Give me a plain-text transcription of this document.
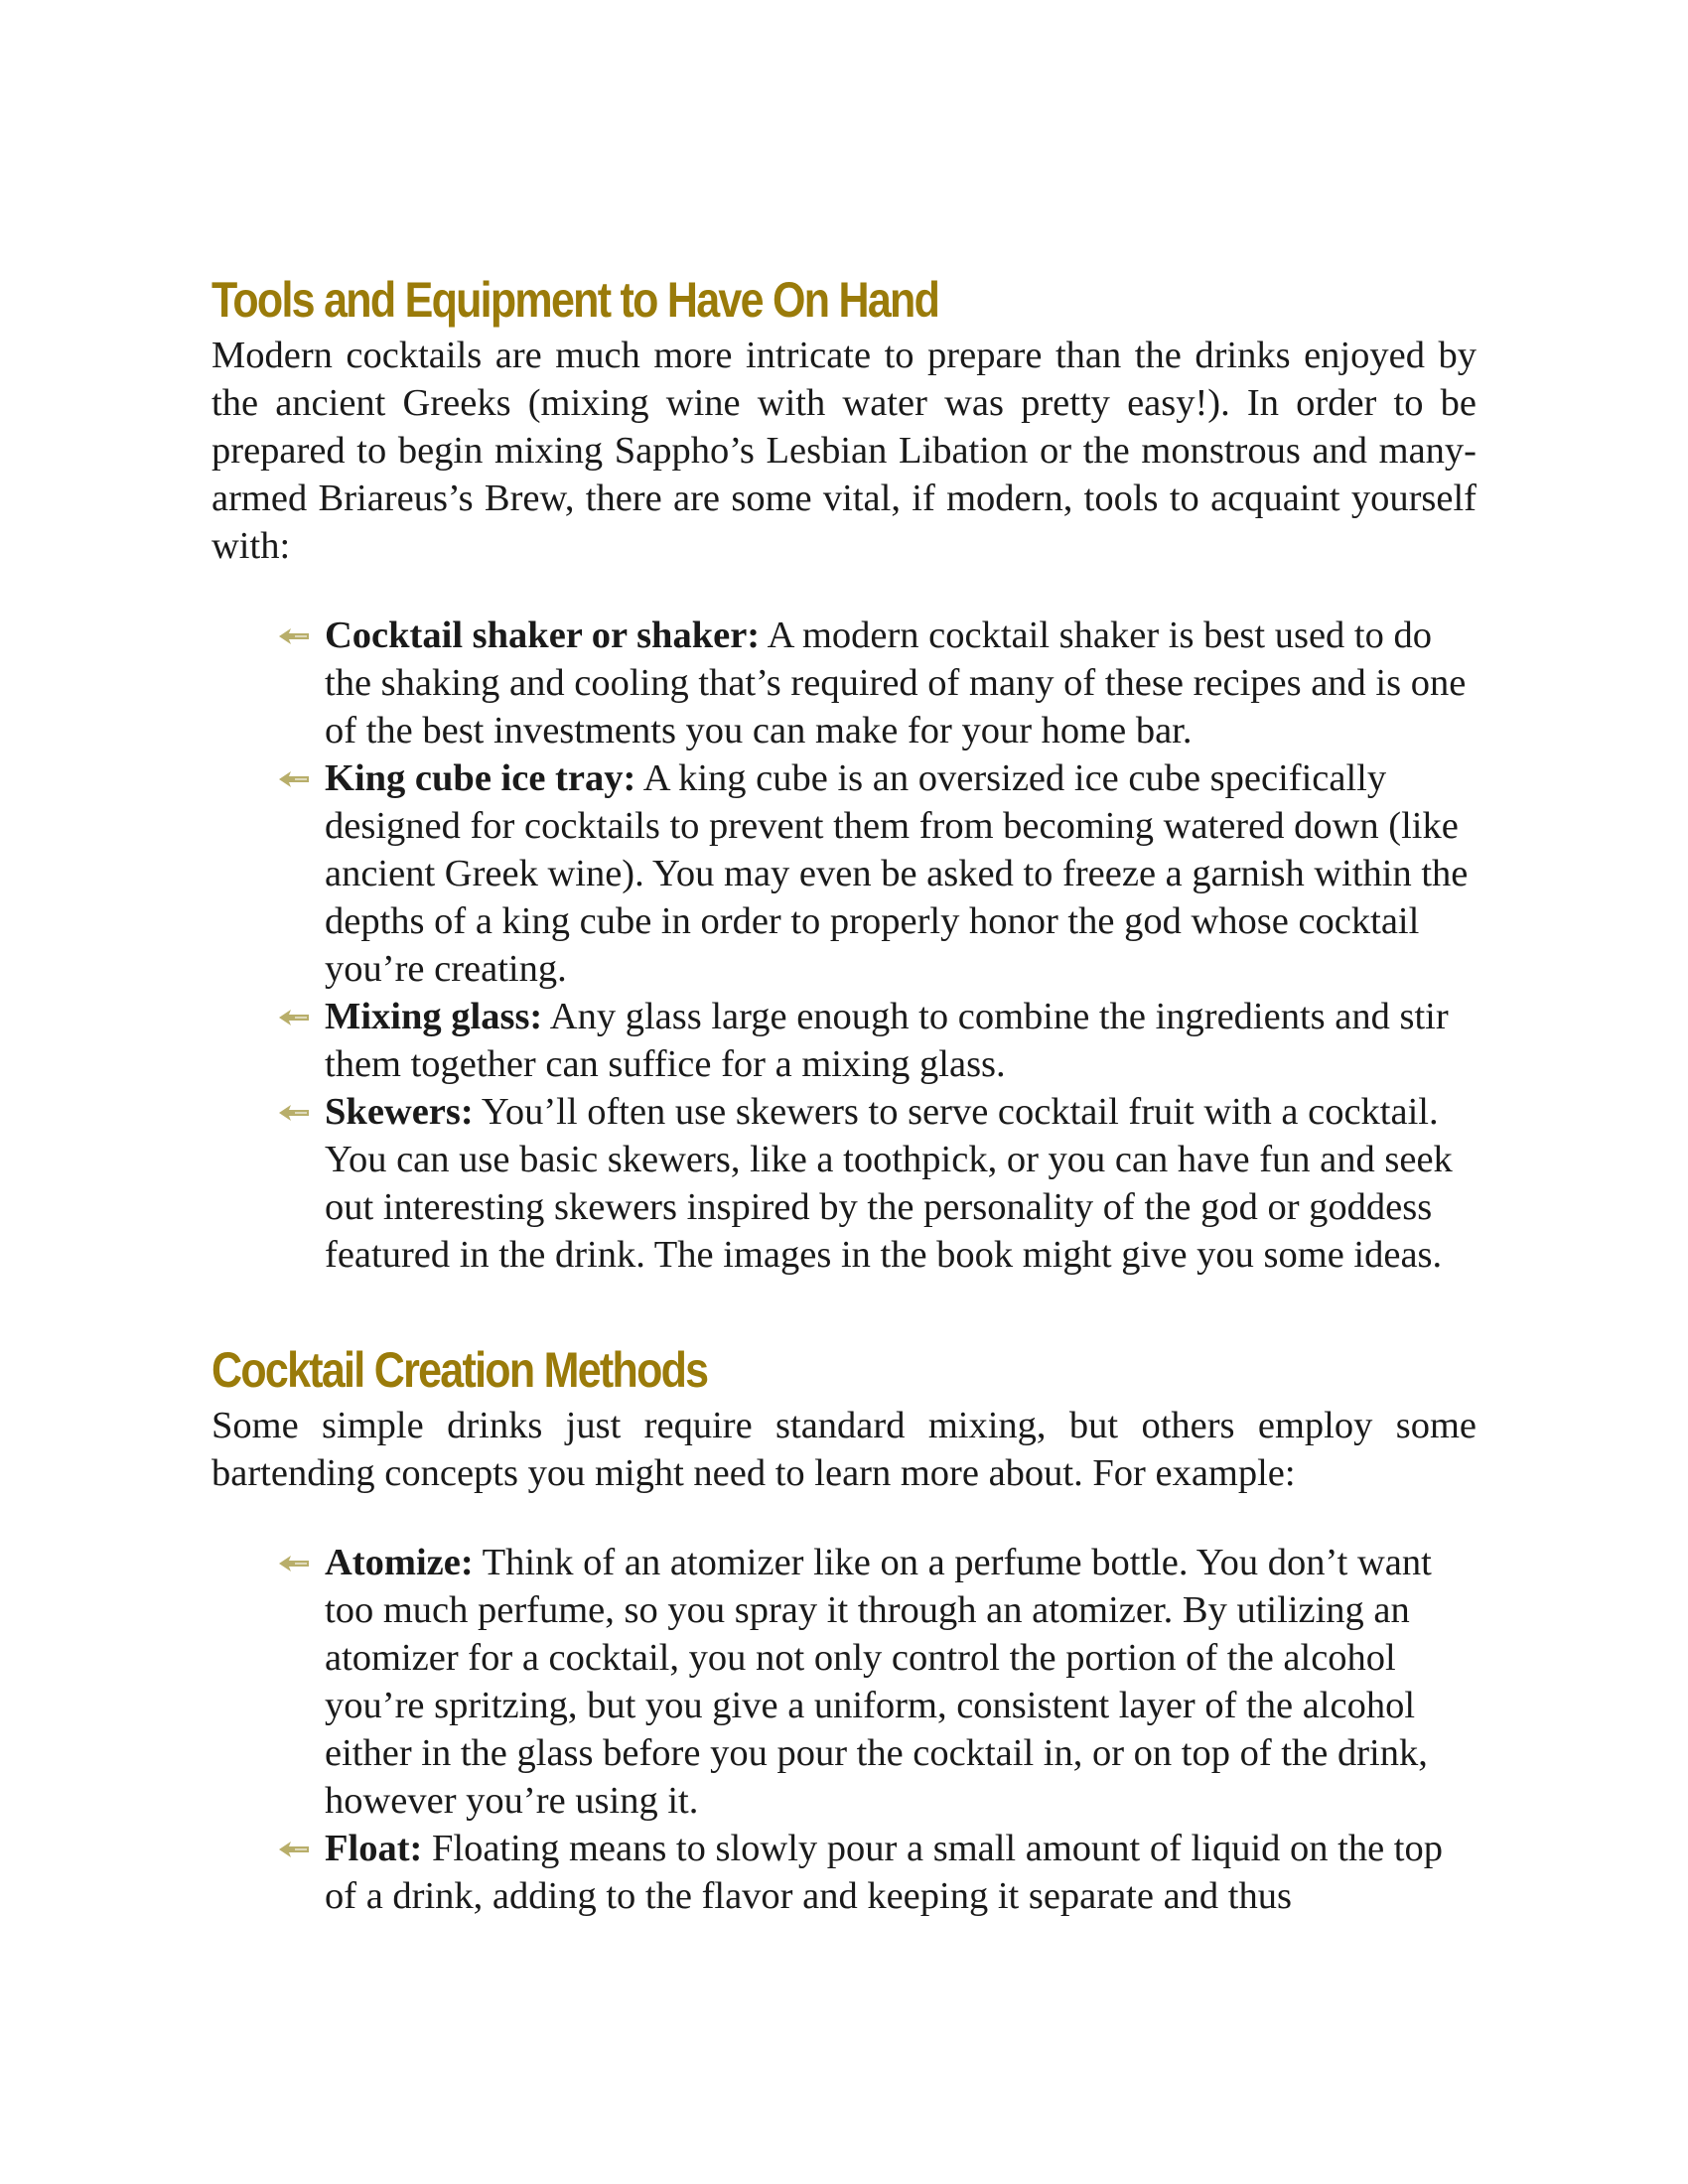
Tools and Equipment to Have On Hand

Modern cocktails are much more intricate to prepare than the drinks enjoyed by the ancient Greeks (mixing wine with water was pretty easy!). In order to be prepared to begin mixing Sappho’s Lesbian Libation or the monstrous and many-armed Briareus’s Brew, there are some vital, if modern, tools to acquaint yourself with:

Cocktail shaker or shaker: A modern cocktail shaker is best used to do the shaking and cooling that’s required of many of these recipes and is one of the best investments you can make for your home bar.
King cube ice tray: A king cube is an oversized ice cube specifically designed for cocktails to prevent them from becoming watered down (like ancient Greek wine). You may even be asked to freeze a garnish within the depths of a king cube in order to properly honor the god whose cocktail you’re creating.
Mixing glass: Any glass large enough to combine the ingredients and stir them together can suffice for a mixing glass.
Skewers: You’ll often use skewers to serve cocktail fruit with a cocktail. You can use basic skewers, like a toothpick, or you can have fun and seek out interesting skewers inspired by the personality of the god or goddess featured in the drink. The images in the book might give you some ideas.
Cocktail Creation Methods

Some simple drinks just require standard mixing, but others employ some bartending concepts you might need to learn more about. For example:

Atomize: Think of an atomizer like on a perfume bottle. You don’t want too much perfume, so you spray it through an atomizer. By utilizing an atomizer for a cocktail, you not only control the portion of the alcohol you’re spritzing, but you give a uniform, consistent layer of the alcohol either in the glass before you pour the cocktail in, or on top of the drink, however you’re using it.
Float: Floating means to slowly pour a small amount of liquid on the top of a drink, adding to the flavor and keeping it separate and thus
